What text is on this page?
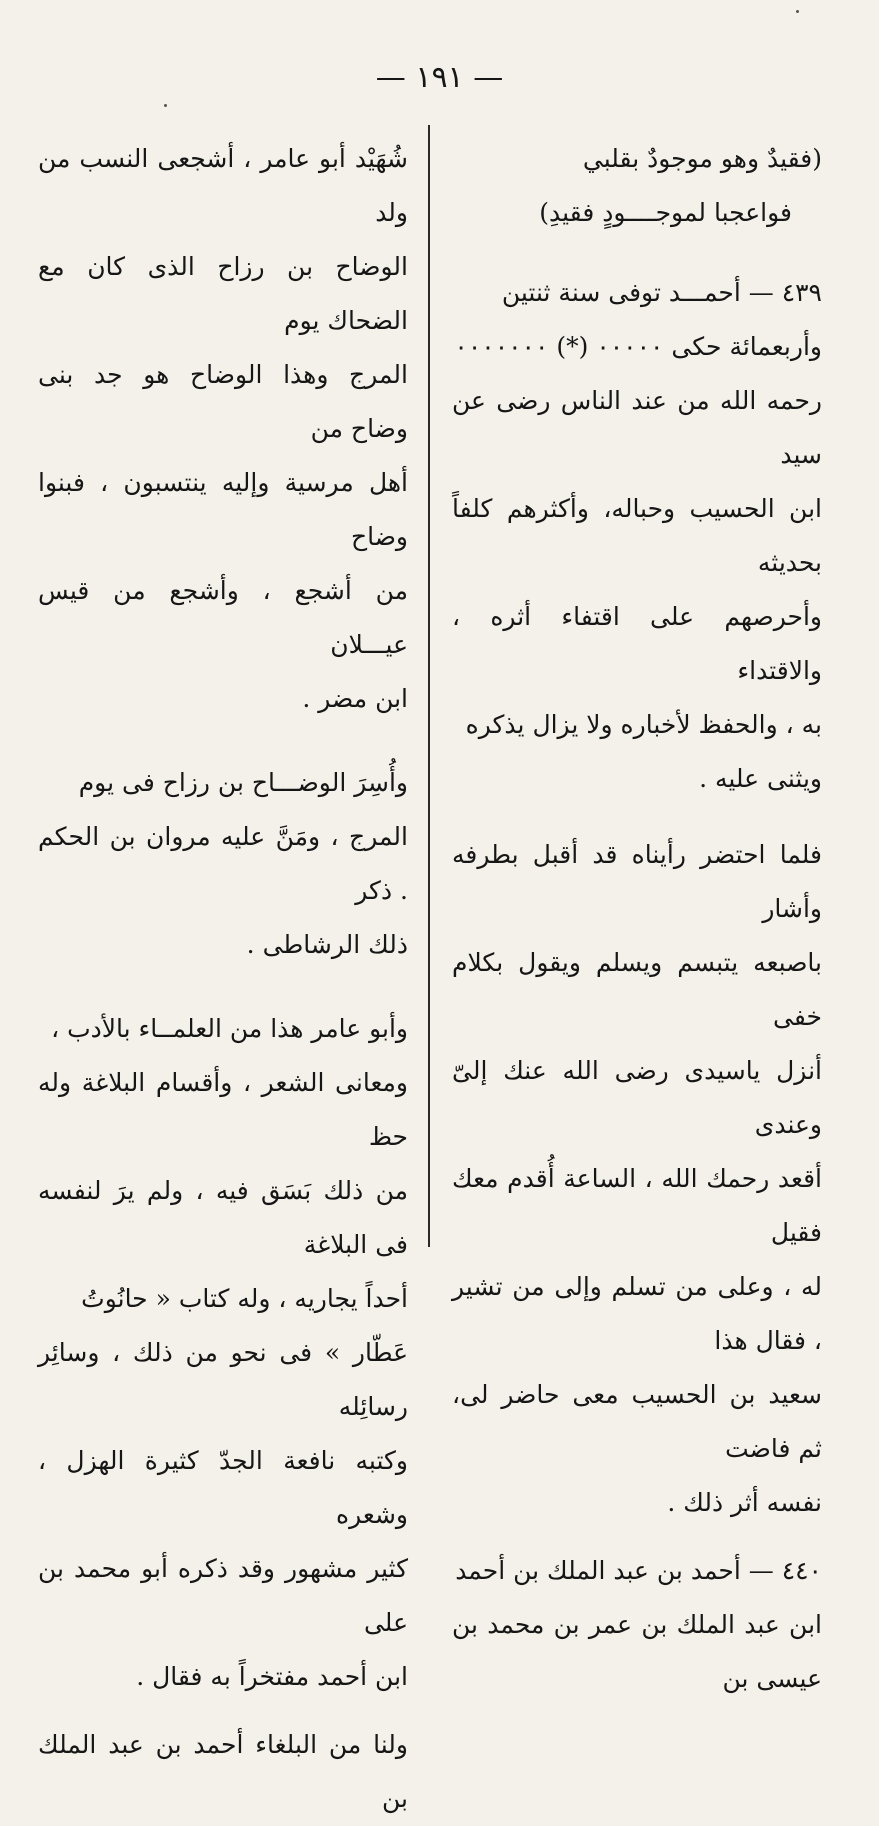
— ١٩١ —
(فقيدٌ وهو موجودٌ بقلبي
فواعجبا لموجــــودٍ فقيدِ)

٤٣٩ — أحمـــد توفى سنة ثنتين
وأربعمائة حكى ٠٠٠٠٠ (*) ٠٠٠٠٠٠٠
رحمه الله من عند الناس رضى عن سيد
ابن الحسيب وحباله، وأكثرهم كلفاً بحديثه
وأحرصهم على اقتفاء أثره ، والاقتداء
به ، والحفظ لأخباره ولا يزال يذكره
ويثنى عليه .

فلما احتضر رأيناه قد أقبل بطرفه وأشار
باصبعه يتبسم ويسلم ويقول بكلام خفى
أنزل ياسيدى رضى الله عنك إلىّ وعندى
أقعد رحمك الله ، الساعة أُقدم معك فقيل
له ، وعلى من تسلم وإلى من تشير ، فقال هذا
سعيد بن الحسيب معى حاضر لى، ثم فاضت
نفسه أثر ذلك .

٤٤٠ — أحمد بن عبد الملك بن أحمد
ابن عبد الملك بن عمر بن محمد بن عيسى بن

شُهَيْد أبو عامر ، أشجعى النسب من ولد
الوضاح بن رزاح الذى كان مع الضحاك يوم
المرج وهذا الوضاح هو جد بنى وضاح من
أهل مرسية وإليه ينتسبون ، فبنوا وضاح
من أشجع ، وأشجع من قيس عيـــلان
ابن مضر .

وأُسِرَ الوضـــاح بن رزاح فى يوم
المرج ، ومَنَّ عليه مروان بن الحكم . ذكر
ذلك الرشاطى .

وأبو عامر هذا من العلمــاء بالأدب ،
ومعانى الشعر ، وأقسام البلاغة وله حظ
من ذلك بَسَق فيه ، ولم يرَ لنفسه فى البلاغة
أحداً يجاريه ، وله كتاب « حانُوتُ
عَطّار » فى نحو من ذلك ، وسائِر رسائِله
وكتبه نافعة الجدّ كثيرة الهزل ، وشعره
كثير مشهور وقد ذكره أبو محمد بن على
ابن أحمد مفتخراً به فقال .

ولنا من البلغاء أحمد بن عبد الملك بن
